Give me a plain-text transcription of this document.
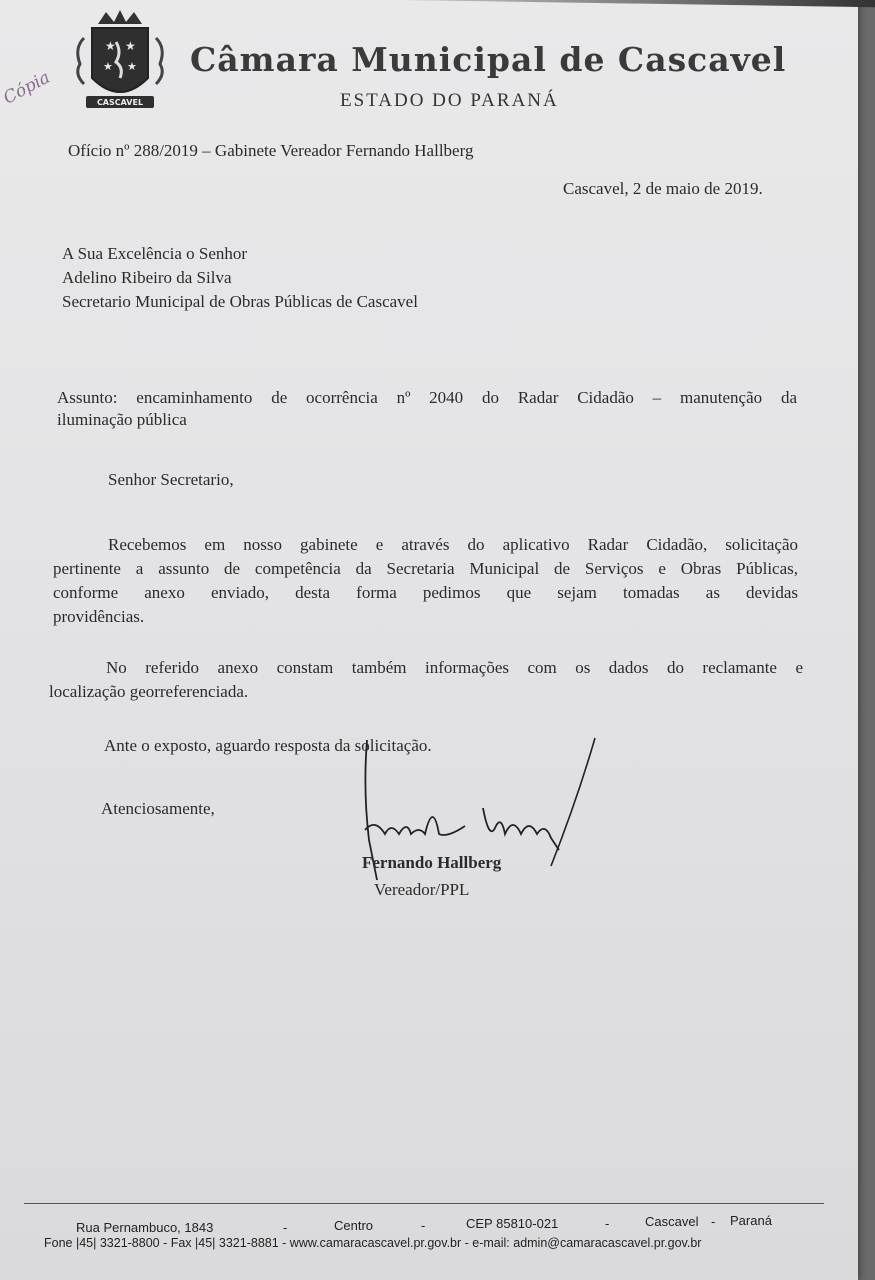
★ ★
★ ★
CASCAVEL
Câmara Municipal de Cascavel
ESTADO DO PARANÁ
Cópia
Ofício nº 288/2019 – Gabinete Vereador Fernando Hallberg
Cascavel, 2 de maio de 2019.
A Sua Excelência o Senhor
Adelino Ribeiro da Silva
Secretario Municipal de Obras Públicas de Cascavel
Assunto: encaminhamento de ocorrência nº 2040 do Radar Cidadão – manutenção da
iluminação pública
Senhor Secretario,
Recebemos em nosso gabinete e através do aplicativo Radar Cidadão, solicitação
pertinente a assunto de competência da Secretaria Municipal de Serviços e Obras Públicas,
conforme anexo enviado, desta forma pedimos que sejam tomadas as devidas
providências.
No referido anexo constam também informações com os dados do reclamante e
localização georreferenciada.
Ante o exposto, aguardo resposta da solicitação.
Atenciosamente,
Fernando Hallberg
Vereador/PPL
Rua Pernambuco, 1843	-	Centro	-	CEP 85810-021	-	Cascavel - Paraná
Fone |45| 3321-8800 - Fax |45| 3321-8881 - www.camaracascavel.pr.gov.br - e-mail: admin@camaracascavel.pr.gov.br
